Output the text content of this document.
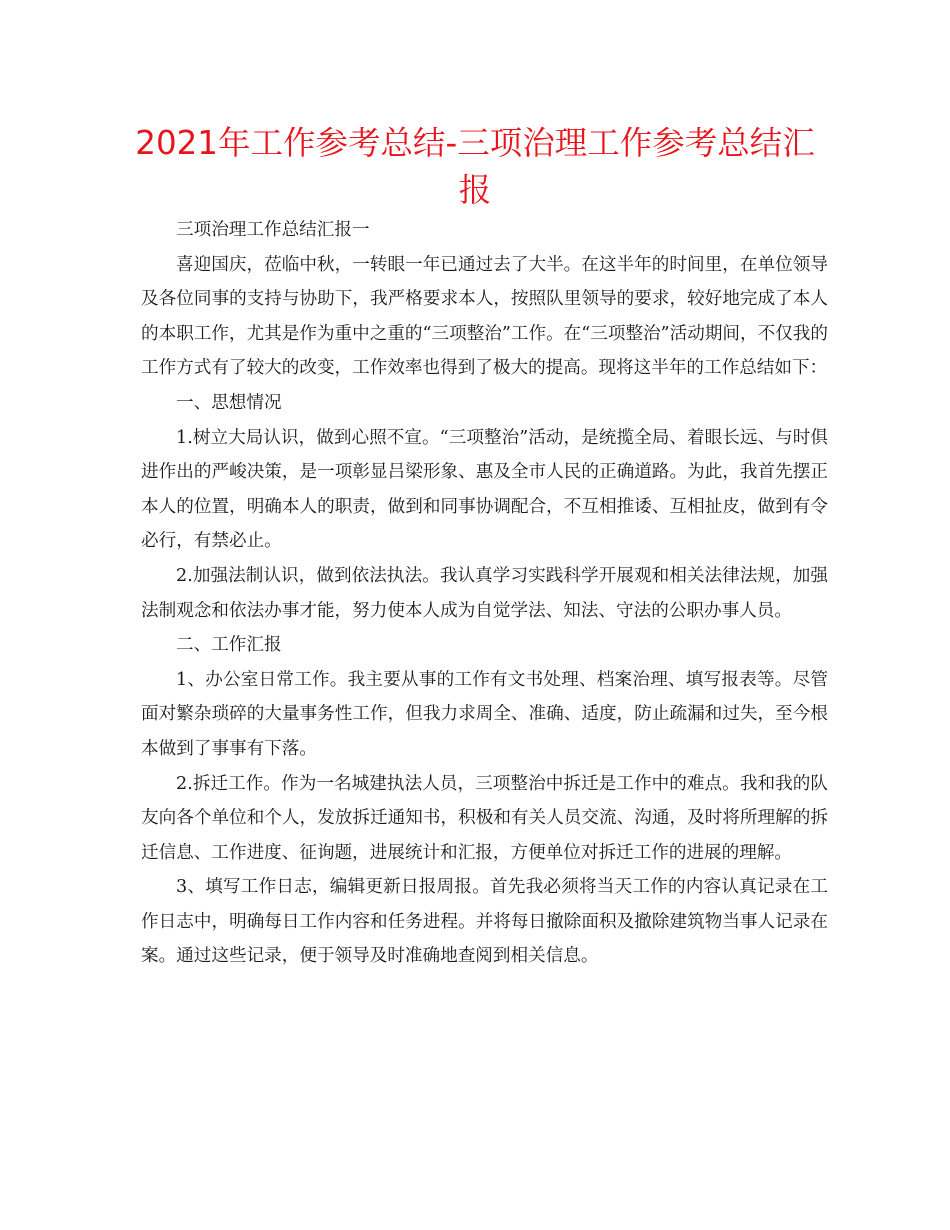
2021年工作参考总结-三项治理工作参考总结汇报

三项治理工作总结汇报一

喜迎国庆，莅临中秋，一转眼一年已通过去了大半。在这半年的时间里，在单位领导及各位同事的支持与协助下，我严格要求本人，按照队里领导的要求，较好地完成了本人的本职工作，尤其是作为重中之重的“三项整治”工作。在“三项整治”活动期间，不仅我的工作方式有了较大的改变，工作效率也得到了极大的提高。现将这半年的工作总结如下：

一、思想情况

1.树立大局认识，做到心照不宣。“三项整治”活动，是统揽全局、着眼长远、与时俱进作出的严峻决策，是一项彰显吕梁形象、惠及全市人民的正确道路。为此，我首先摆正本人的位置，明确本人的职责，做到和同事协调配合，不互相推诿、互相扯皮，做到有令必行，有禁必止。

2.加强法制认识，做到依法执法。我认真学习实践科学开展观和相关法律法规，加强法制观念和依法办事才能，努力使本人成为自觉学法、知法、守法的公职办事人员。

二、工作汇报

1、办公室日常工作。我主要从事的工作有文书处理、档案治理、填写报表等。尽管面对繁杂琐碎的大量事务性工作，但我力求周全、准确、适度，防止疏漏和过失，至今根本做到了事事有下落。

2.拆迁工作。作为一名城建执法人员，三项整治中拆迁是工作中的难点。我和我的队友向各个单位和个人，发放拆迁通知书，积极和有关人员交流、沟通，及时将所理解的拆迁信息、工作进度、征询题，进展统计和汇报，方便单位对拆迁工作的进展的理解。

3、填写工作日志，编辑更新日报周报。首先我必须将当天工作的内容认真记录在工作日志中，明确每日工作内容和任务进程。并将每日撤除面积及撤除建筑物当事人记录在案。通过这些记录，便于领导及时准确地查阅到相关信息。
